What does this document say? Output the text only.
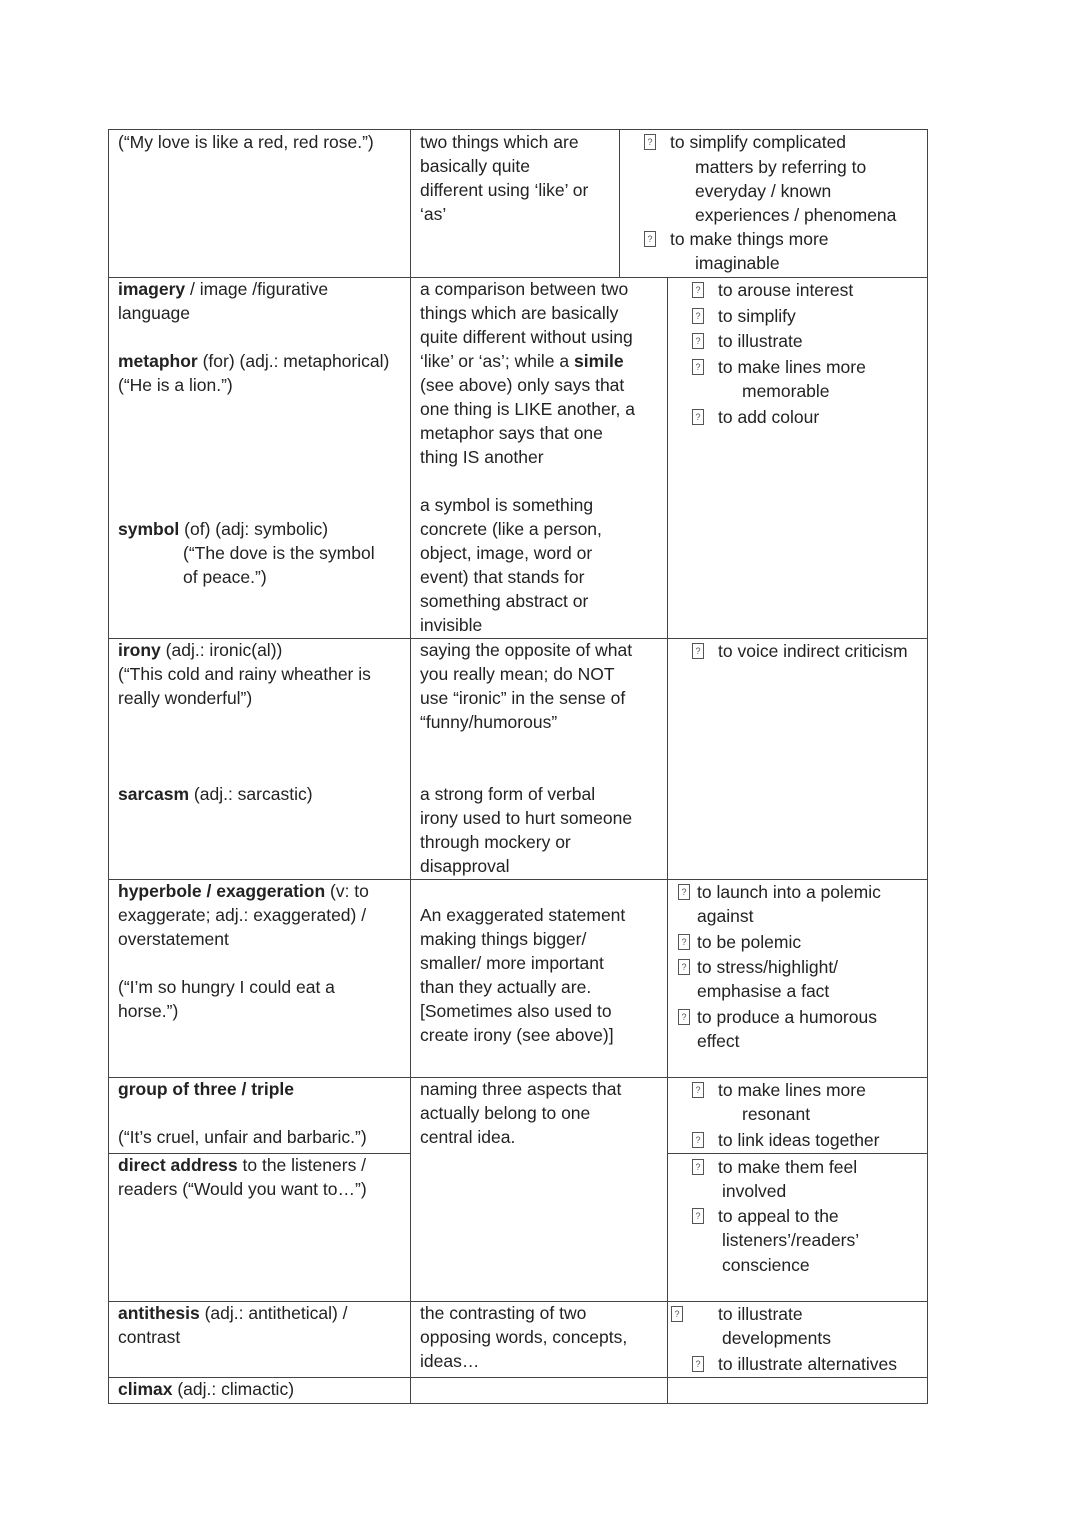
(“My love is like a red, red rose.”)	two things which are
basically quite
different using ‘like’ or
‘as’
? to simplify complicated
matters by referring to
everyday / known
experiences / phenomena
? to make things more
imaginable
imagery / image /figurative
language
metaphor (for) (adj.: metaphorical)
(“He is a lion.”)
symbol (of) (adj: symbolic)
(“The dove is the symbol
of peace.”)
a comparison between two
things which are basically
quite different without using
‘like’ or ‘as’; while a simile
(see above) only says that
one thing is LIKE another, a
metaphor says that one
thing IS another
a symbol is something
concrete (like a person,
object, image, word or
event) that stands for
something abstract or
invisible
? to arouse interest
? to simplify
? to illustrate
? to make lines more
memorable
? to add colour
irony (adj.: ironic(al))
(“This cold and rainy wheather is
really wonderful”)
sarcasm (adj.: sarcastic)
saying the opposite of what
you really mean; do NOT
use “ironic” in the sense of
“funny/humorous”
a strong form of verbal
irony used to hurt someone
through mockery or
disapproval
? to voice indirect criticism
hyperbole / exaggeration (v: to
exaggerate; adj.: exaggerated) /
overstatement
(“I’m so hungry I could eat a
horse.”)
An exaggerated statement
making things bigger/
smaller/ more important
than they actually are.
[Sometimes also used to
create irony (see above)]
? to launch into a polemic
against
? to be polemic
? to stress/highlight/
emphasise a fact
? to produce a humorous
effect
group of three / triple
(“It’s cruel, unfair and barbaric.”)
naming three aspects that
actually belong to one
central idea.
? to make lines more
resonant
? to link ideas together
direct address to the listeners /
readers (“Would you want to…”)
? to make them feel
involved
? to appeal to the
listeners’/readers’
conscience
antithesis (adj.: antithetical) /
contrast
the contrasting of two
opposing words, concepts,
ideas…
? to illustrate
developments
? to illustrate alternatives
climax (adj.: climactic)
